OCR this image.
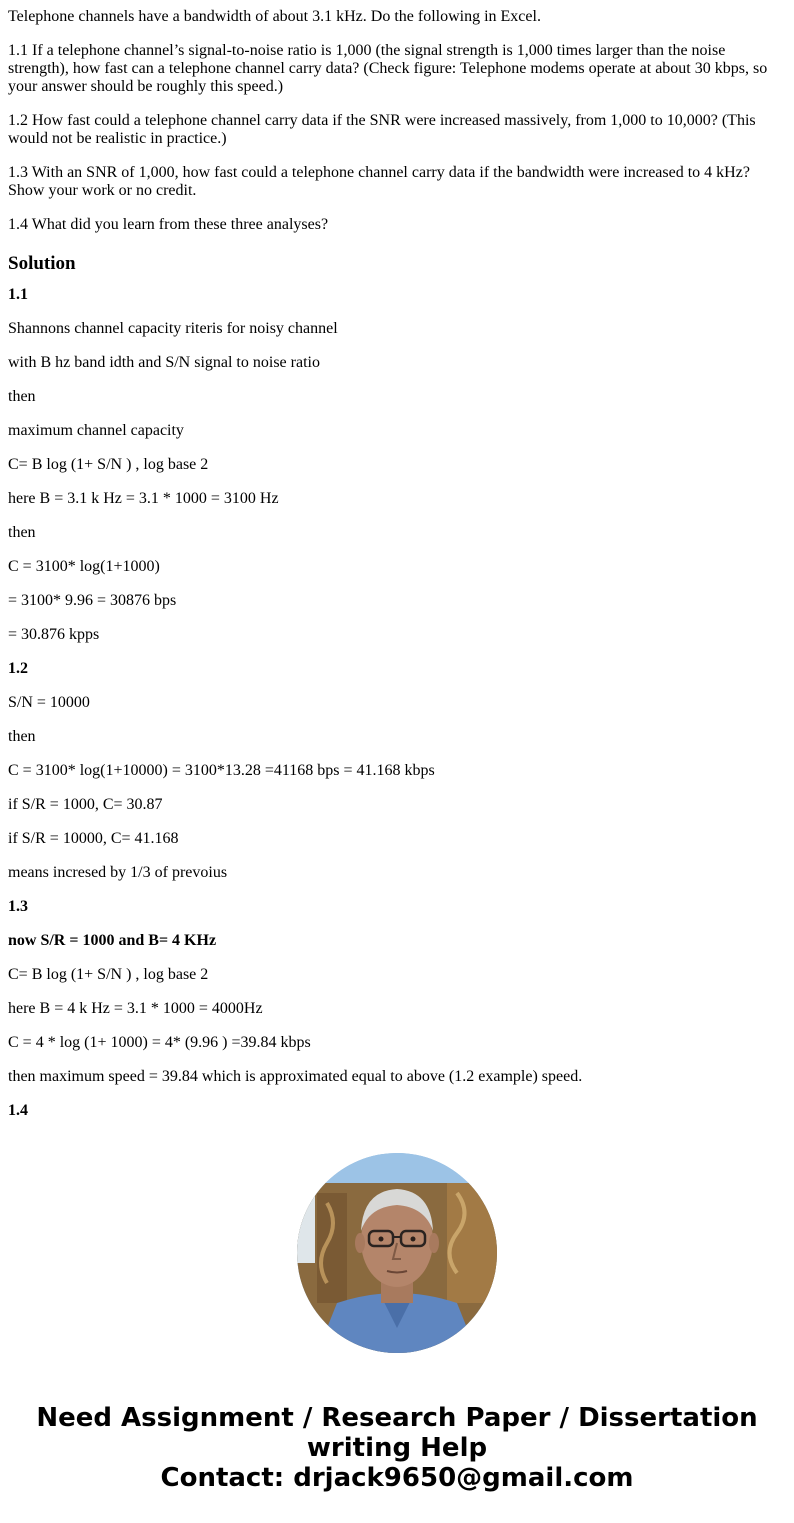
Telephone channels have a bandwidth of about 3.1 kHz. Do the following in Excel.

1.1 If a telephone channel’s signal-to-noise ratio is 1,000 (the signal strength is 1,000 times larger than the noise strength), how fast can a telephone channel carry data? (Check figure: Telephone modems operate at about 30 kbps, so your answer should be roughly this speed.)

1.2 How fast could a telephone channel carry data if the SNR were increased massively, from 1,000 to 10,000? (This would not be realistic in practice.)

1.3 With an SNR of 1,000, how fast could a telephone channel carry data if the bandwidth were increased to 4 kHz? Show your work or no credit.

1.4 What did you learn from these three analyses?

Solution
1.1
Shannons channel capacity riteris for noisy channel
with B hz band idth and S/N signal to noise ratio
then
maximum channel capacity
C= B log (1+ S/N ) , log base 2
here B = 3.1 k Hz = 3.1 * 1000 = 3100 Hz
then
C = 3100* log(1+1000)
= 3100* 9.96 = 30876 bps
= 30.876 kpps
1.2
S/N = 10000
then
C = 3100* log(1+10000) = 3100*13.28 =41168 bps = 41.168 kbps
if S/R = 1000, C= 30.87
if S/R = 10000, C= 41.168
means incresed by 1/3 of prevoius
1.3
now S/R = 1000 and B= 4 KHz
C= B log (1+ S/N ) , log base 2
here B = 4 k Hz = 3.1 * 1000 = 4000Hz
C = 4 * log (1+ 1000) = 4* (9.96 ) =39.84 kbps
then maximum speed = 39.84 which is approximated equal to above (1.2 example) speed.
1.4
Need Assignment / Research Paper / Dissertation
writing Help
Contact: drjack9650@gmail.com
